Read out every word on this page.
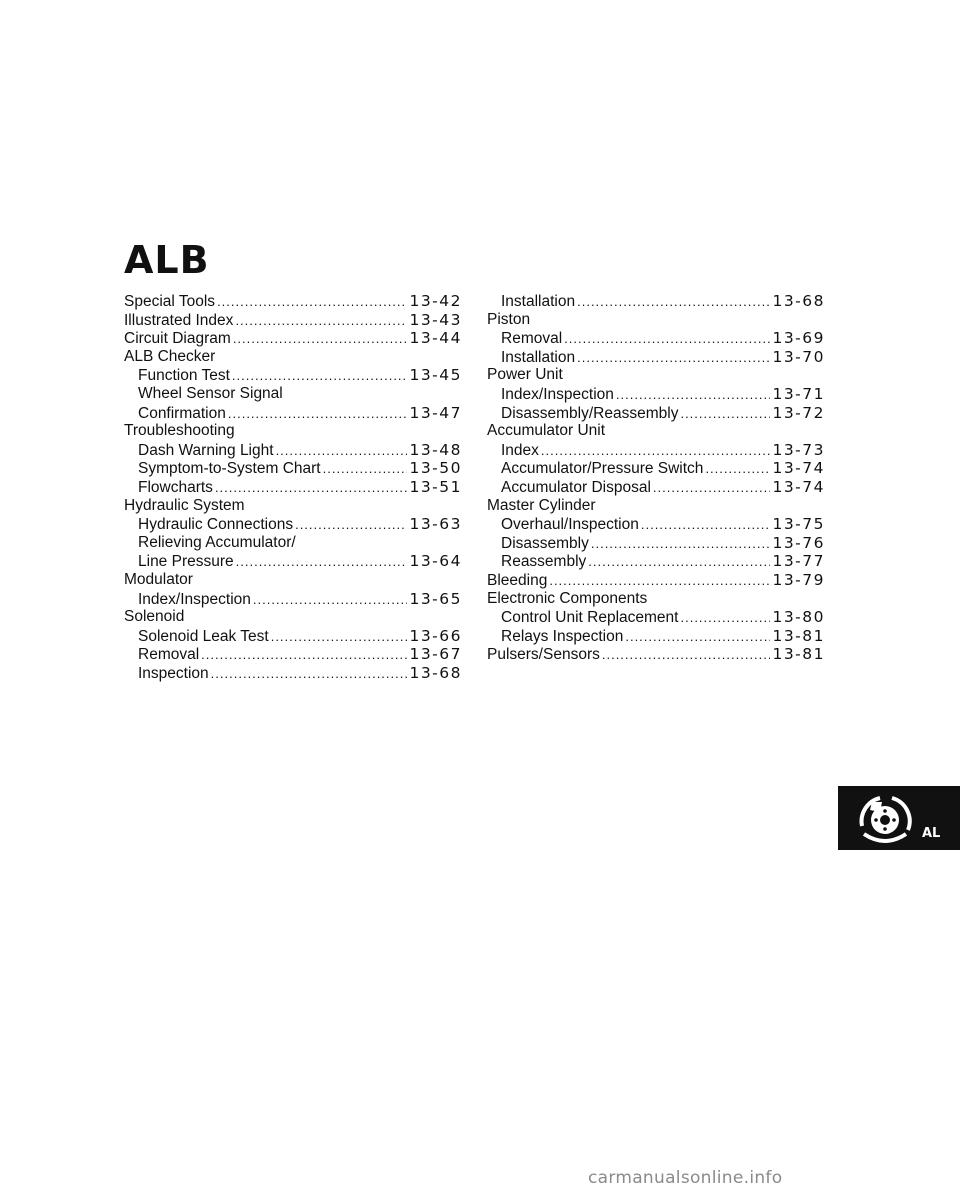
ALB
Special Tools .....	13-42
Illustrated Index .....	13-43
Circuit Diagram .....	13-44
ALB Checker
Function Test .....	13-45
Wheel Sensor Signal
Confirmation .....	13-47
Troubleshooting
Dash Warning Light .....	13-48
Symptom-to-System Chart .....	13-50
Flowcharts .....	13-51
Hydraulic System
Hydraulic Connections .....	13-63
Relieving Accumulator/
Line Pressure .....	13-64
Modulator
Index/Inspection .....	13-65
Solenoid
Solenoid Leak Test .....	13-66
Removal .....	13-67
Inspection .....	13-68
Installation .....	13-68
Piston
Removal .....	13-69
Installation .....	13-70
Power Unit
Index/Inspection .....	13-71
Disassembly/Reassembly .....	13-72
Accumulator Unit
Index .....	13-73
Accumulator/Pressure Switch .....	13-74
Accumulator Disposal .....	13-74
Master Cylinder
Overhaul/Inspection .....	13-75
Disassembly .....	13-76
Reassembly .....	13-77
Bleeding .....	13-79
Electronic Components
Control Unit Replacement .....	13-80
Relays Inspection .....	13-81
Pulsers/Sensors .....	13-81
AL
carmanualsonline.info
